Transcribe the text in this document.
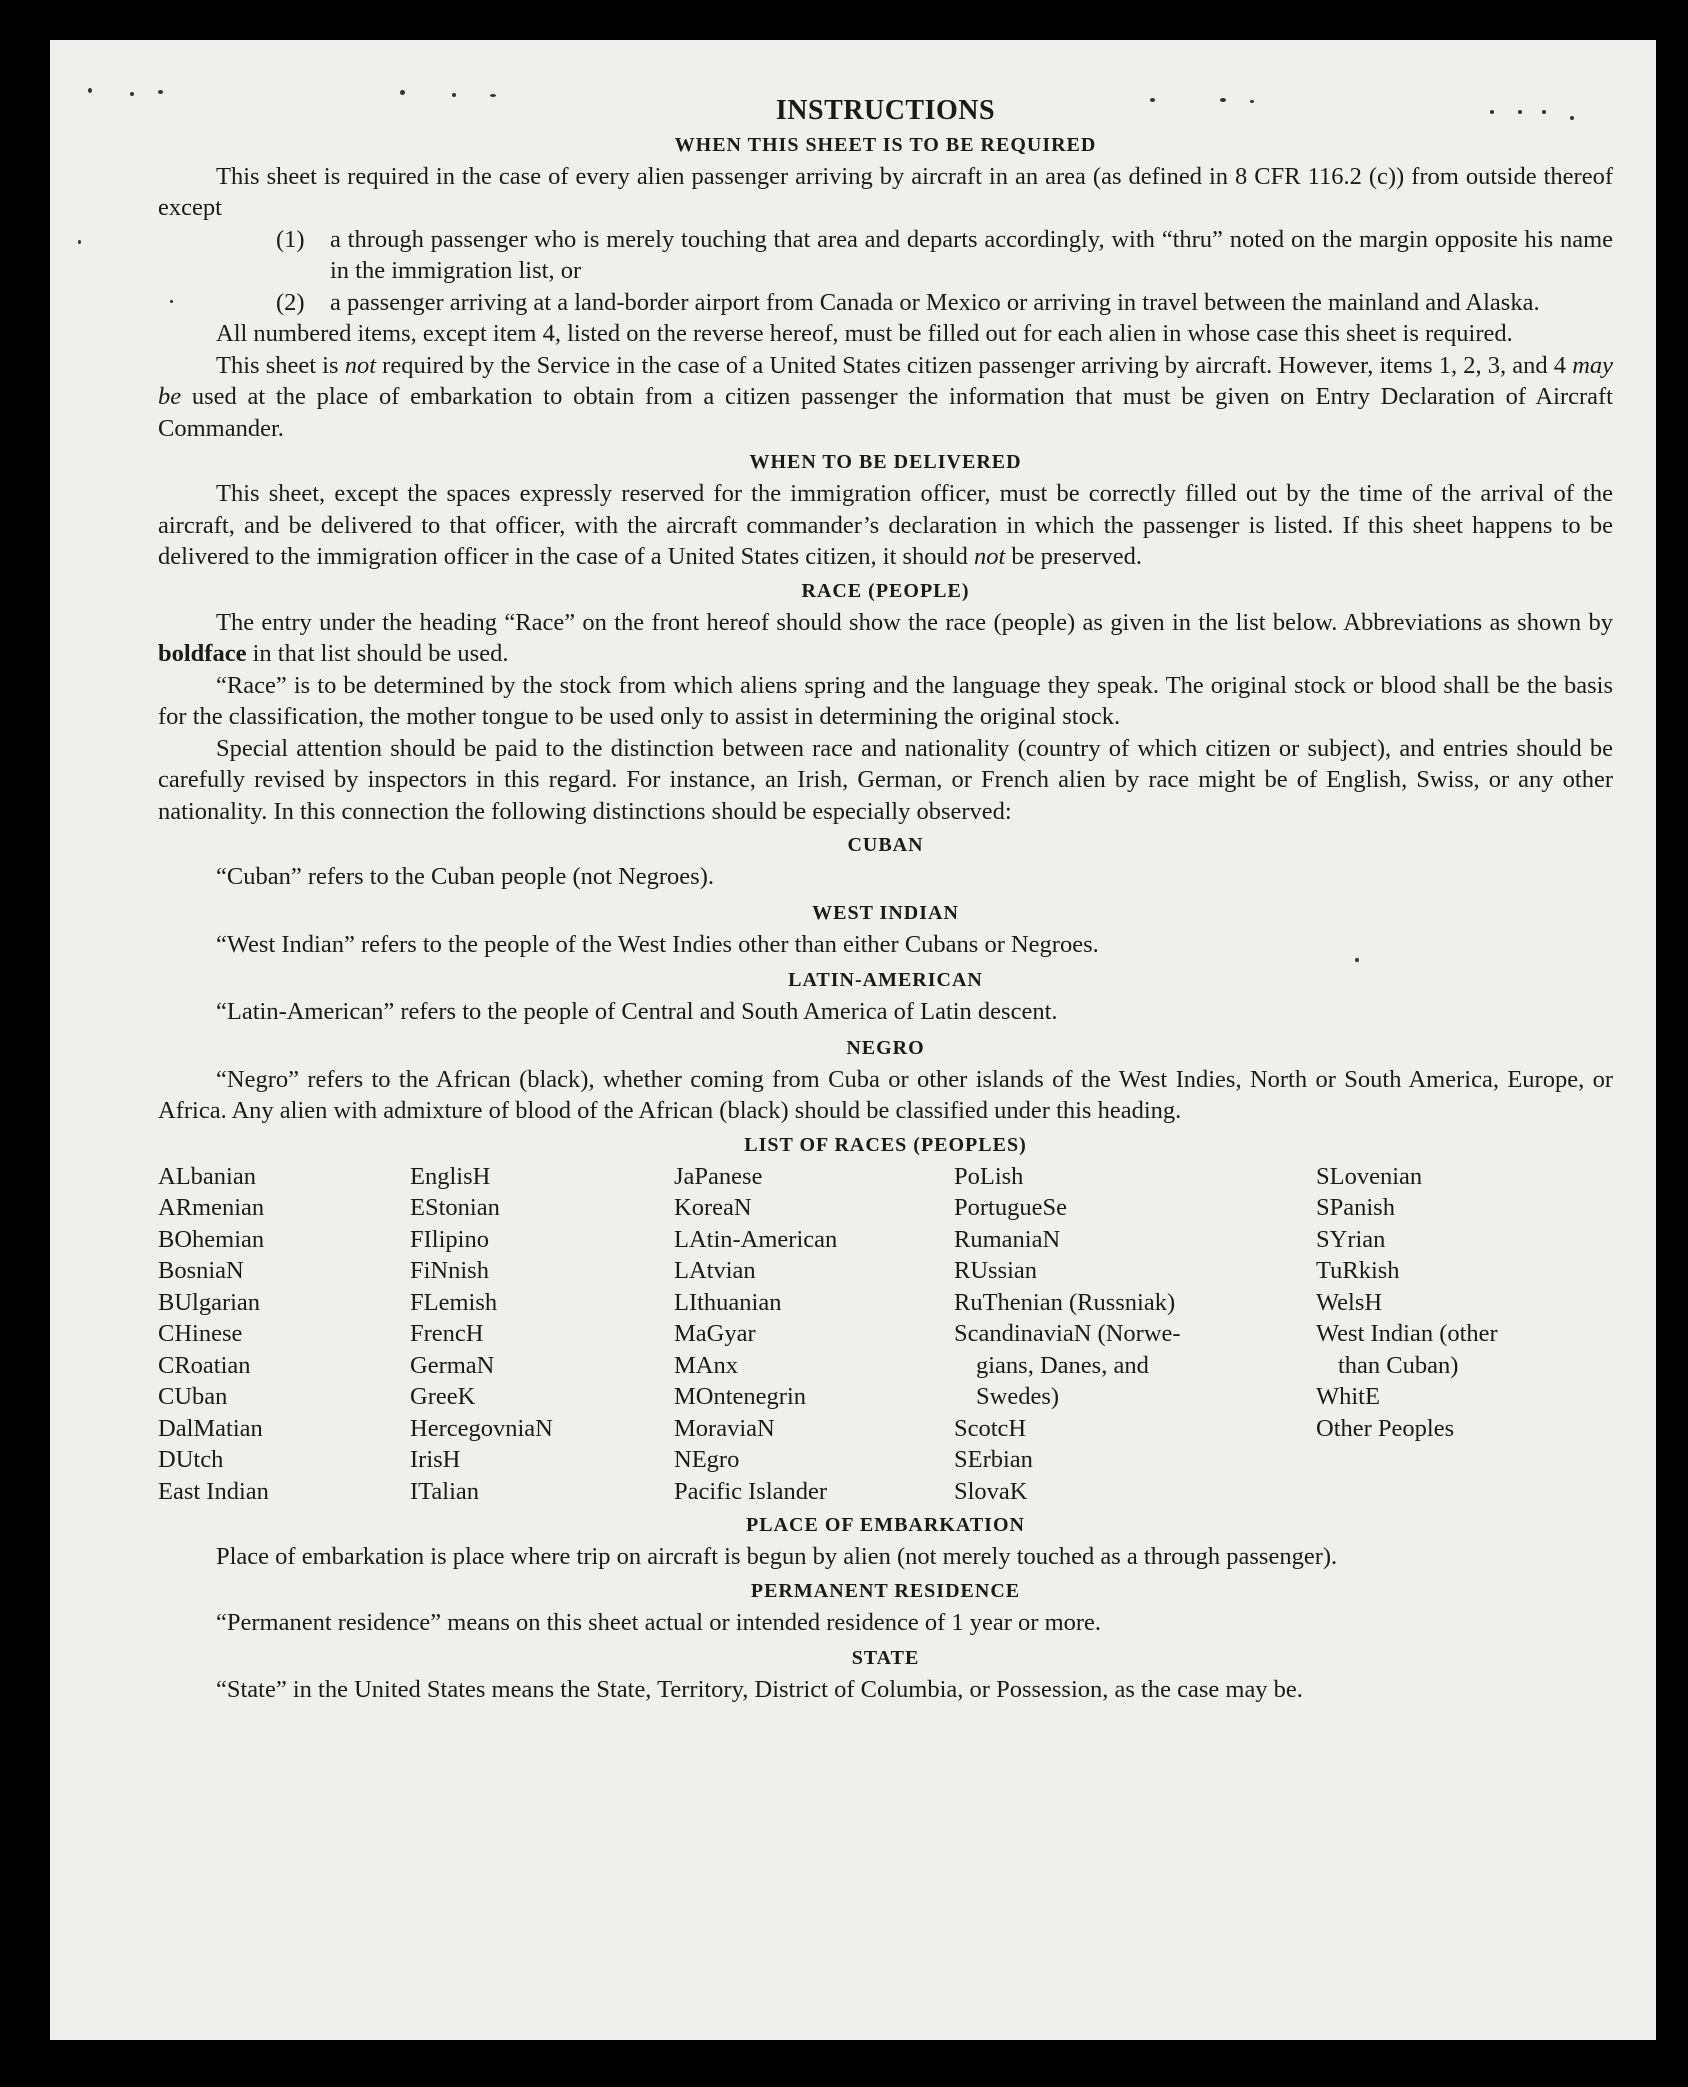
INSTRUCTIONS
WHEN THIS SHEET IS TO BE REQUIRED

This sheet is required in the case of every alien passenger arriving by aircraft in an area (as defined in 8 CFR 116.2 (c)) from outside thereof except

(1)	a through passenger who is merely touching that area and departs accordingly, with “thru” noted on the margin opposite his name in the immigration list, or
(2)	a passenger arriving at a land-border airport from Canada or Mexico or arriving in travel between the mainland and Alaska.

All numbered items, except item 4, listed on the reverse hereof, must be filled out for each alien in whose case this sheet is required.

This sheet is not required by the Service in the case of a United States citizen passenger arriving by aircraft. However, items 1, 2, 3, and 4 may be used at the place of embarkation to obtain from a citizen passenger the information that must be given on Entry Declaration of Aircraft Commander.

WHEN TO BE DELIVERED

This sheet, except the spaces expressly reserved for the immigration officer, must be correctly filled out by the time of the arrival of the aircraft, and be delivered to that officer, with the aircraft commander’s declaration in which the passenger is listed. If this sheet happens to be delivered to the immigration officer in the case of a United States citizen, it should not be preserved.

RACE (PEOPLE)

The entry under the heading “Race” on the front hereof should show the race (people) as given in the list below. Abbreviations as shown by boldface in that list should be used.

“Race” is to be determined by the stock from which aliens spring and the language they speak. The original stock or blood shall be the basis for the classification, the mother tongue to be used only to assist in determining the original stock.

Special attention should be paid to the distinction between race and nationality (country of which citizen or subject), and entries should be carefully revised by inspectors in this regard. For instance, an Irish, German, or French alien by race might be of English, Swiss, or any other nationality. In this connection the following distinctions should be especially observed:

CUBAN

“Cuban” refers to the Cuban people (not Negroes).

WEST INDIAN

“West Indian” refers to the people of the West Indies other than either Cubans or Negroes.

LATIN-AMERICAN

“Latin-American” refers to the people of Central and South America of Latin descent.

NEGRO

“Negro” refers to the African (black), whether coming from Cuba or other islands of the West Indies, North or South America, Europe, or Africa. Any alien with admixture of blood of the African (black) should be classified under this heading.

LIST OF RACES (PEOPLES)
ALbanian
ARmenian
BOhemian
BosniaN
BUlgarian
CHinese
CRoatian
CUban
DalMatian
DUtch
East Indian
EnglisH
EStonian
FIlipino
FiNnish
FLemish
FrencH
GermaN
GreeK
HercegovniaN
IrisH
ITalian
JaPanese
KoreaN
LAtin-American
LAtvian
LIthuanian
MaGyar
MAnx
MOntenegrin
MoraviaN
NEgro
Pacific Islander
PoLish
PortugueSe
RumaniaN
RUssian
RuThenian (Russniak)
ScandinaviaN (Norwe-
gians, Danes, and
Swedes)
ScotcH
SErbian
SlovaK
SLovenian
SPanish
SYrian
TuRkish
WelsH
West Indian (other
than Cuban)
WhitE
Other Peoples
PLACE OF EMBARKATION

Place of embarkation is place where trip on aircraft is begun by alien (not merely touched as a through passenger).

PERMANENT RESIDENCE

“Permanent residence” means on this sheet actual or intended residence of 1 year or more.

STATE

“State” in the United States means the State, Territory, District of Columbia, or Possession, as the case may be.
